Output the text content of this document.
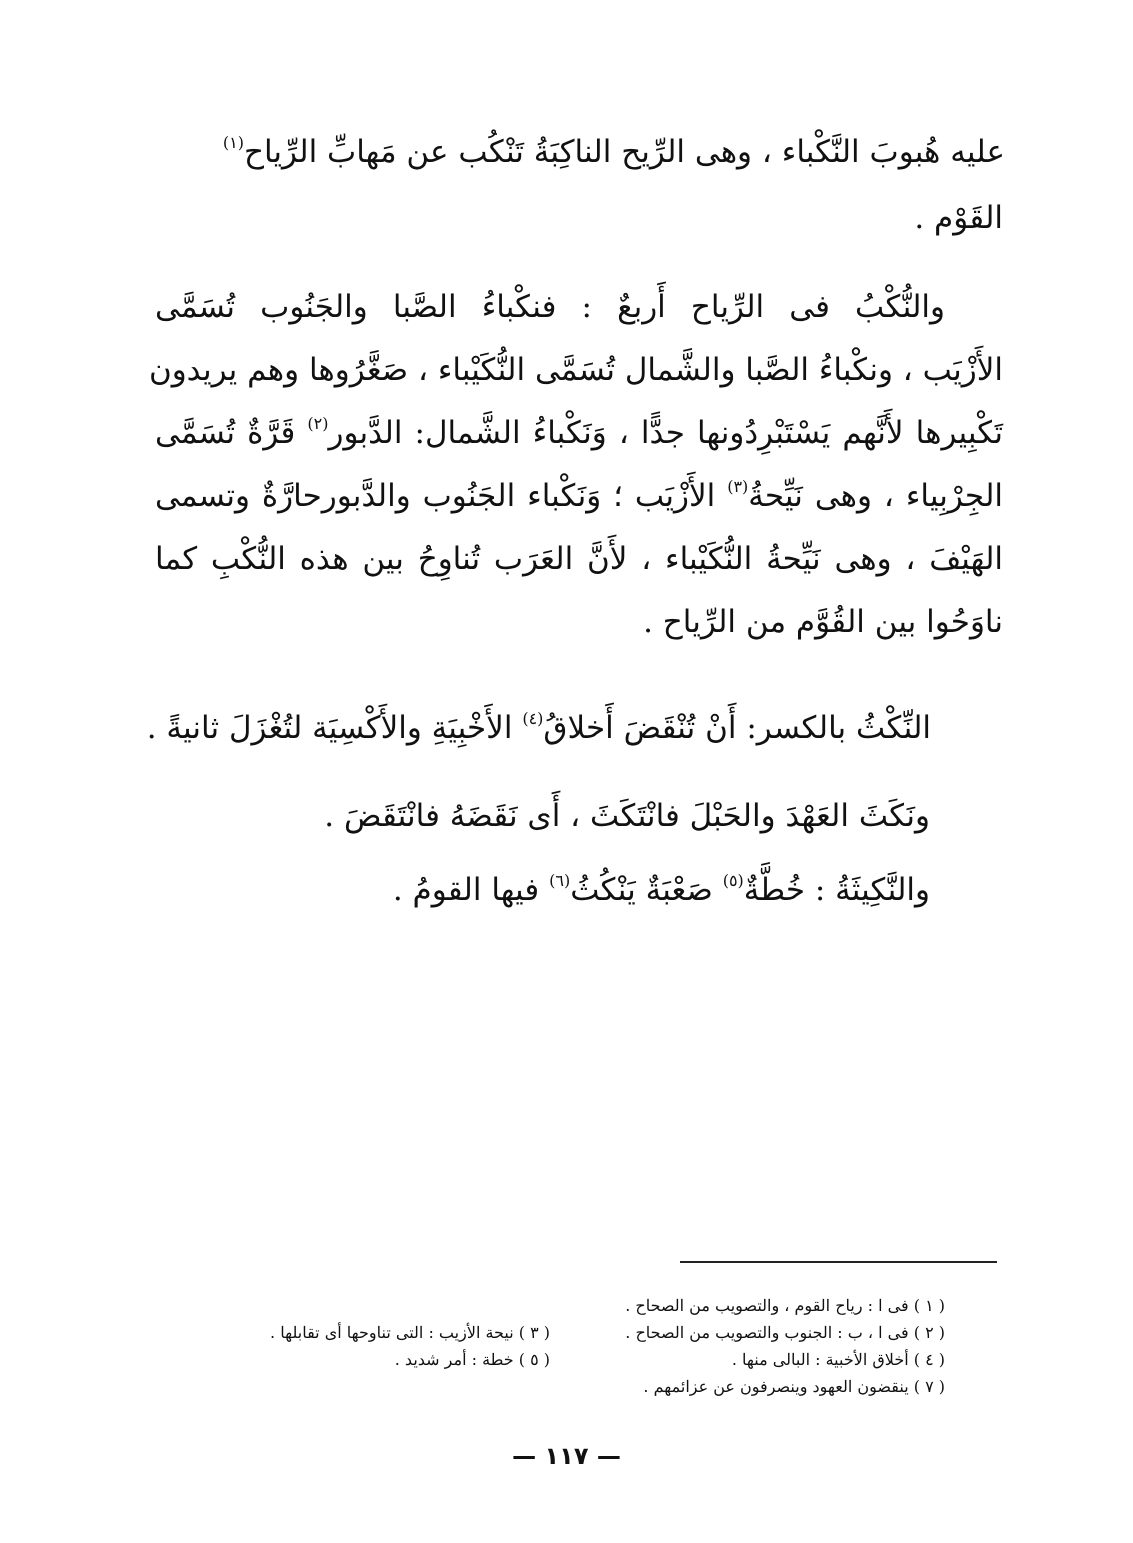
عليه هُبوبَ النَّكْباء ، وهى الرِّيح الناكِبَةُ تَنْكُب عن مَهابِّ الرِّياح$^{(١)}$
القَوْم .
والنُّكْبُ فى الرِّياح أَربعٌ : فنكْباءُ الصَّبا والجَنُوب تُسَمَّى
الأَزْيَب ، ونكْباءُ الصَّبا والشَّمال تُسَمَّى النُّكَيْباء ، صَغَّرُوها وهم يريدون
تَكْبِيرها لأَنَّهم يَسْتَبْرِدُونها جدًّا ، وَنَكْباءُ الشَّمال: الدَّبور$^{(٢)}$ قَرَّةٌ تُسَمَّى
الجِرْبِياء ، وهى نَيِّحةُ$^{(٣)}$ الأَزْيَب ؛ وَنَكْباء الجَنُوب والدَّبورحارَّةٌ وتسمى
الهَيْفَ ، وهى نَيِّحةُ النُّكَيْباء ، لأَنَّ العَرَب تُناوِحُ بين هذه النُّكْبِ كما
ناوَحُوا بين القُوَّم من الرِّياح .
النِّكْثُ بالكسر: أَنْ تُنْقَضَ أَخلاقُ$^{(٤)}$ الأَخْبِيَةِ والأَكْسِيَة لتُغْزَلَ ثانيةً .
ونَكَثَ العَهْدَ والحَبْلَ فانْتَكَثَ ، أَى نَقَضَهُ فانْتَقَضَ .
والنَّكِيثَةُ : خُطَّةٌ$^{(٥)}$ صَعْبَةٌ يَنْكُثُ$^{(٦)}$ فيها القومُ .
( ١ ) فى ا : رياح القوم ، والتصويب من الصحاح .
( ٢ ) فى ا ، ب : الجنوب والتصويب من الصحاح .
( ٣ ) نيحة الأزيب : التى تناوحها أى تقابلها .
( ٤ ) أخلاق الأخبية : البالى منها .
( ٥ ) خطة : أمر شديد .
( ٧ ) ينقضون العهود وينصرفون عن عزائمهم .
— ١١٧ —
